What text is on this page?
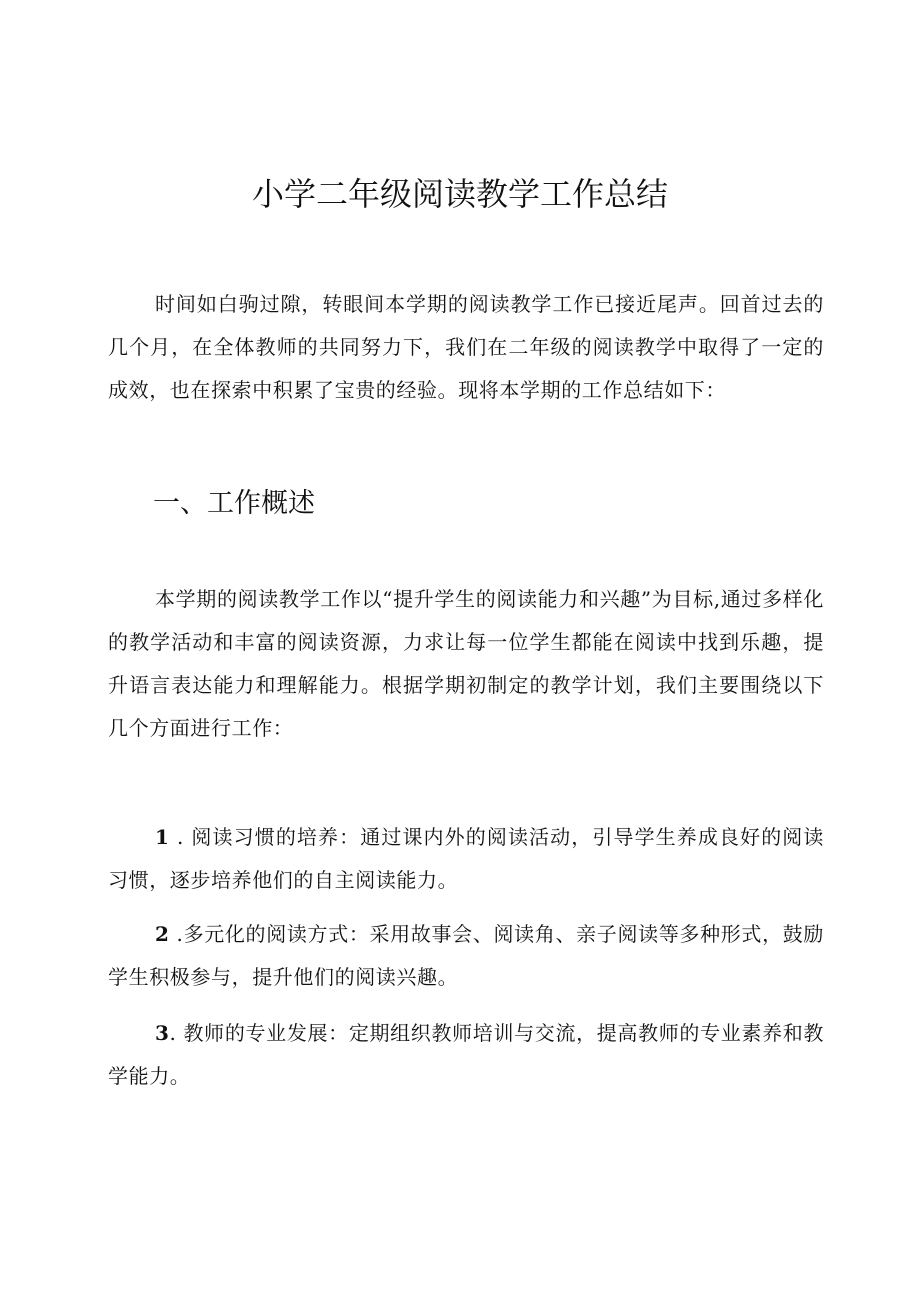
小学二年级阅读教学工作总结

时间如白驹过隙，转眼间本学期的阅读教学工作已接近尾声。回首过去的几个月，在全体教师的共同努力下，我们在二年级的阅读教学中取得了一定的成效，也在探索中积累了宝贵的经验。现将本学期的工作总结如下：

一、工作概述

本学期的阅读教学工作以“提升学生的阅读能力和兴趣”为目标,通过多样化的教学活动和丰富的阅读资源，力求让每一位学生都能在阅读中找到乐趣，提升语言表达能力和理解能力。根据学期初制定的教学计划，我们主要围绕以下几个方面进行工作：

1 . 阅读习惯的培养：通过课内外的阅读活动，引导学生养成良好的阅读习惯，逐步培养他们的自主阅读能力。

2 .多元化的阅读方式：采用故事会、阅读角、亲子阅读等多种形式，鼓励学生积极参与，提升他们的阅读兴趣。

3. 教师的专业发展：定期组织教师培训与交流，提高教师的专业素养和教学能力。
